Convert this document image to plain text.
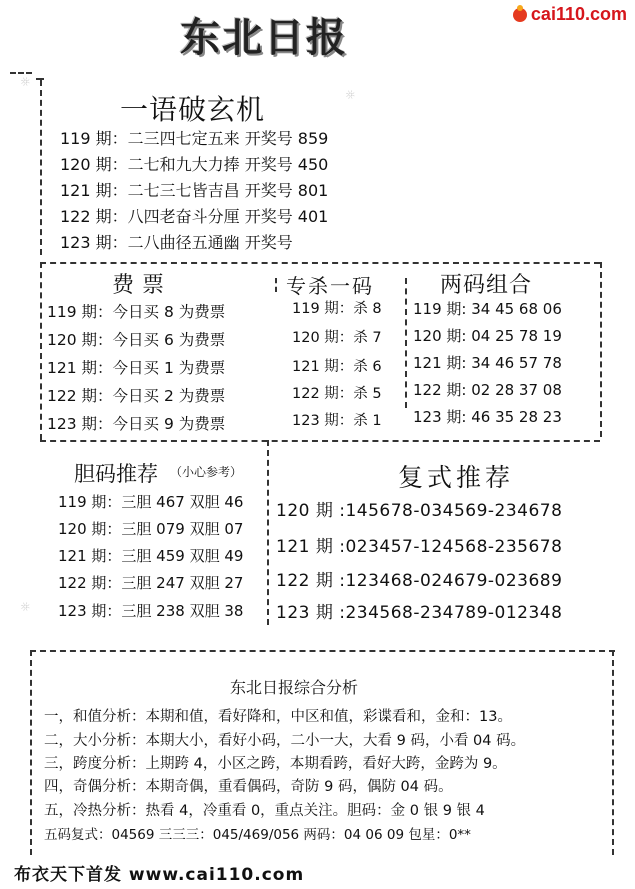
东北日报	cai110.com
☼
☼
☼
一语破玄机
119 期：二三四七定五来 开奖号 859
120 期：二七和九大力捧 开奖号 450
121 期：二七三七皆吉昌 开奖号 801
122 期：八四老奋斗分厘 开奖号 401
123 期：二八曲径五通幽 开奖号
费票
119 期：今日买 8 为费票
120 期：今日买 6 为费票
121 期：今日买 1 为费票
122 期：今日买 2 为费票
123 期：今日买 9 为费票
专杀一码
119 期：杀 8
120 期：杀 7
121 期：杀 6
122 期：杀 5
123 期：杀 1
两码组合
119 期: 34 45 68 06
120 期: 04 25 78 19
121 期: 34 46 57 78
122 期: 02 28 37 08
123 期: 46 35 28 23
胆码推荐 （小心参考）
119 期：三胆 467 双胆 46
120 期：三胆 079 双胆 07
121 期：三胆 459 双胆 49
122 期：三胆 247 双胆 27
123 期：三胆 238 双胆 38
复式推荐
120 期 :145678-034569-234678
121 期 :023457-124568-235678
122 期 :123468-024679-023689
123 期 :234568-234789-012348
东北日报综合分析
一，和值分析：本期和值，看好降和，中区和值，彩谍看和，金和：13。
二，大小分析：本期大小，看好小码，二小一大，大看 9 码，小看 04 码。
三，跨度分析：上期跨 4，小区之跨，本期看跨，看好大跨，金跨为 9。
四，奇偶分析：本期奇偶，重看偶码，奇防 9 码，偶防 04 码。
五，冷热分析：热看 4，冷重看 0，重点关注。胆码：金 0 银 9 银 4
五码复式：04569 三三三：045/469/056 两码：04 06 09 包星：0**
布衣天下首发 www.cai110.com
